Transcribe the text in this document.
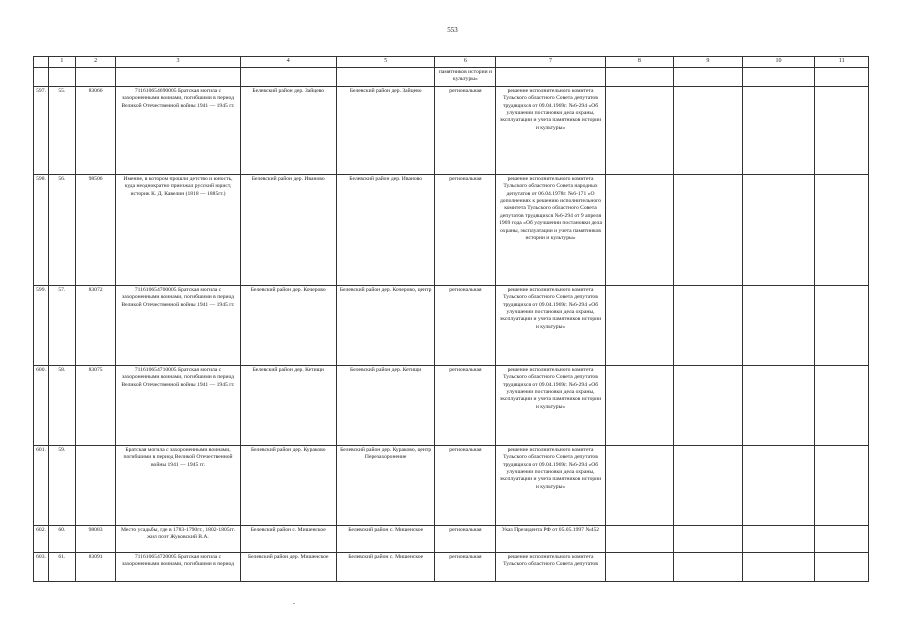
553
	1	2	3	4	5	6	7	8	9	10	11
						памятников истории и культуры»					
597.	55.	83066	711610654690005 Братская могила с захороненными воинами, погибшими в период Великой Отечественной войны 1941 — 1945 гг.	Белевский район дер. Зайцево	Белевский район дер. Зайцево	региональная	решение исполнительного комитета Тульского областного Совета депутатов трудящихся от 09.04.1969г. №6-294 «Об улучшении постановки дела охраны, эксплуатации и учета памятников истории и культуры»				
598.	56.	98506	Имение, в котором прошли детство и юность, куда неоднократно приезжал русский юрист, историк К. Д. Кавелин (1818 — 1885гг.)	Белевский район дер. Иваново	Белевский район дер. Иваново	региональная	решение исполнительного комитета Тульского областного Совета народных депутатов от 06.04.1978г. №6-171 «О дополнениях к решению исполнительного комитета Тульского областного Совета депутатов трудящихся №6-294 от 9 апреля 1969 года «Об улучшении постановки дела охраны, эксплуатации и учета памятников истории и культуры»				
599.	57.	83072	711610654700005 Братская могила с захороненными воинами, погибшими в период Великой Отечественной войны 1941 — 1945 гг.	Белевский район дер. Кочерово	Белевский район дер. Кочерово, центр	региональная	решение исполнительного комитета Тульского областного Совета депутатов трудящихся от 09.04.1969г. №6-294 «Об улучшении постановки дела охраны, эксплуатации и учета памятников истории и культуры»				
600.	58.	83075	711610654710005 Братская могила с захороненными воинами, погибшими в период Великой Отечественной войны 1941 — 1945 гг.	Белевский район дер. Кетищи	Белевский район дер. Кетищи	региональная	решение исполнительного комитета Тульского областного Совета депутатов трудящихся от 09.04.1969г. №6-294 «Об улучшении постановки дела охраны, эксплуатации и учета памятников истории и культуры»				
601.	59.		Братская могила с захороненными воинами, погибшими в период Великой Отечественной войны 1941 — 1945 гг.	Белевский район дер. Кураково	Белевский район дер. Кураково, центр Перезахоронение	региональная	решение исполнительного комитета Тульского областного Совета депутатов трудящихся от 09.04.1969г. №6-294 «Об улучшении постановки дела охраны, эксплуатации и учета памятников истории и культуры»				
602.	60.	98083	Место усадьбы, где в 1783-1790гг., 1802-1805гг. жил поэт Жуковский В.А.	Белевский район с. Мишенское	Белевский район с. Мишенское	региональная	Указ Президента РФ от 05.05.1997 №452				
603.	61.	83091	711610654720005 Братская могила с захороненными воинами, погибшими в период	Белевский район дер. Мишенское	Белевский район с. Мишенское	региональная	решение исполнительного комитета Тульского областного Совета депутатов				
-
